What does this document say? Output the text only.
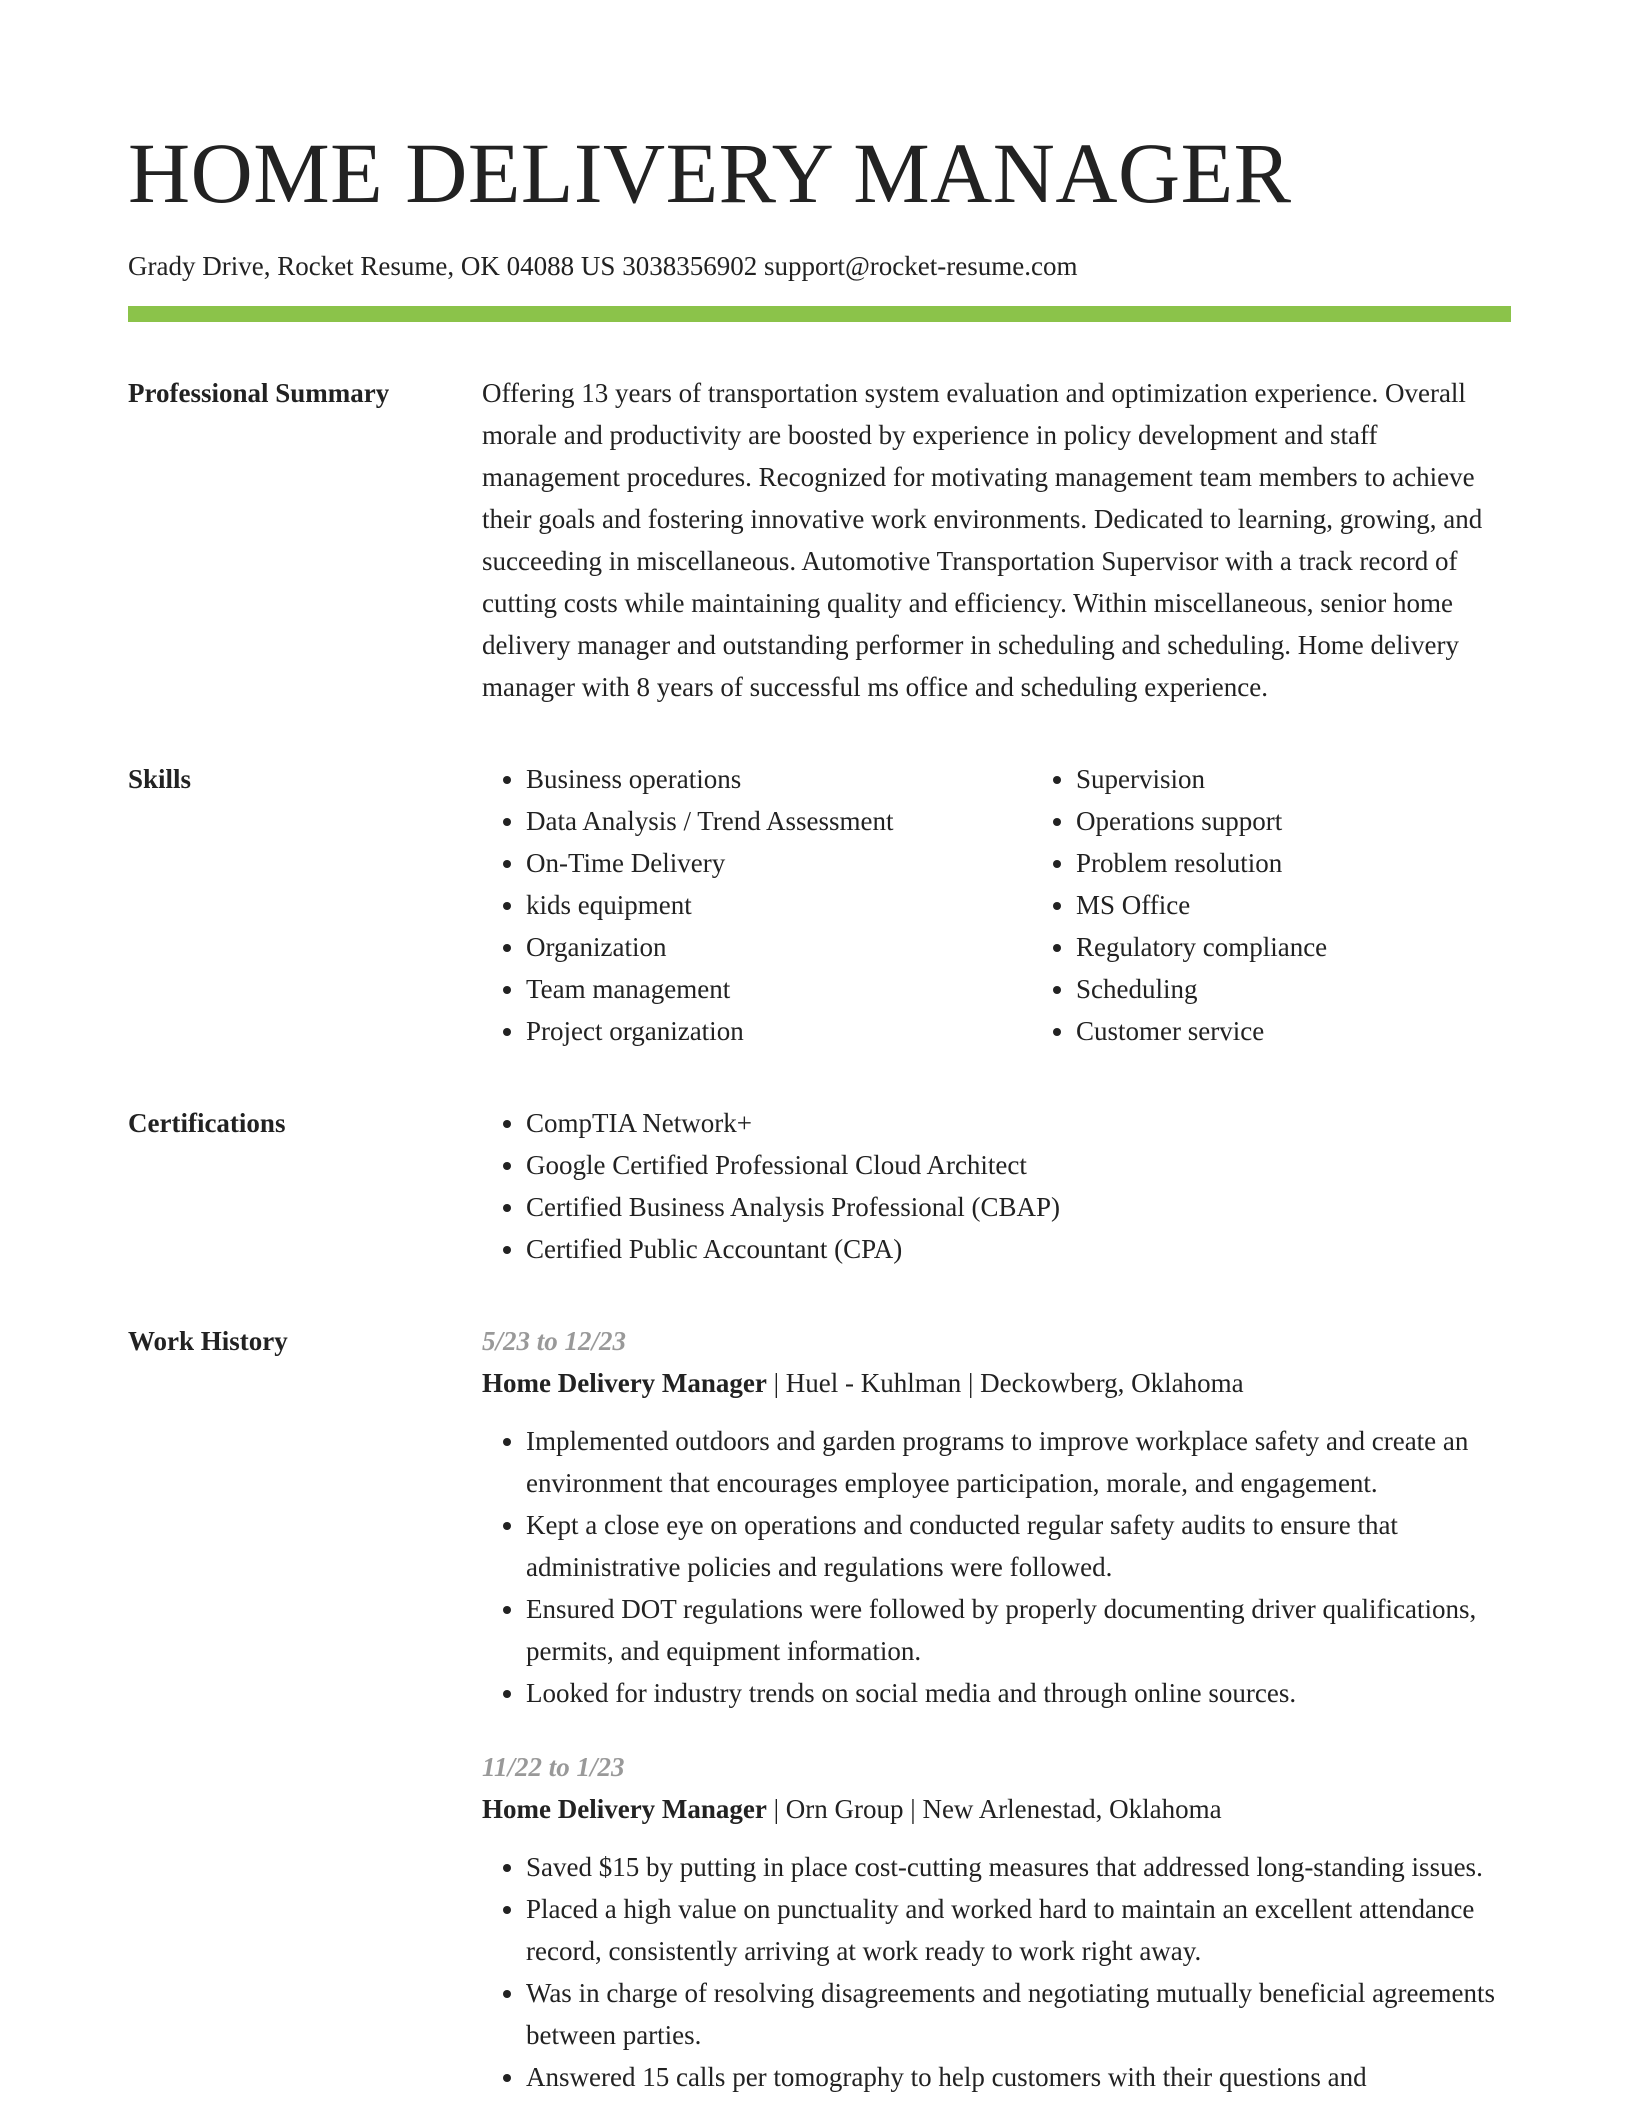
HOME DELIVERY MANAGER
Grady Drive, Rocket Resume, OK 04088 US 3038356902 support@rocket-resume.com
Professional Summary	Offering 13 years of transportation system evaluation and optimization experience. Overall morale and productivity are boosted by experience in policy development and staff management procedures. Recognized for motivating management team members to achieve their goals and fostering innovative work environments. Dedicated to learning, growing, and succeeding in miscellaneous. Automotive Transportation Supervisor with a track record of cutting costs while maintaining quality and efficiency. Within miscellaneous, senior home delivery manager and outstanding performer in scheduling and scheduling. Home delivery manager with 8 years of successful ms office and scheduling experience.

Skills	• Business operations
• Data Analysis / Trend Assessment
• On-Time Delivery
• kids equipment
• Organization
• Team management
• Project organization
• Supervision
• Operations support
• Problem resolution
• MS Office
• Regulatory compliance
• Scheduling
• Customer service
Certifications	• CompTIA Network+
• Google Certified Professional Cloud Architect
• Certified Business Analysis Professional (CBAP)
• Certified Public Accountant (CPA)
Work History	5/23 to 12/23
Home Delivery Manager | Huel - Kuhlman | Deckowberg, Oklahoma
• Implemented outdoors and garden programs to improve workplace safety and create an environment that encourages employee participation, morale, and engagement.
• Kept a close eye on operations and conducted regular safety audits to ensure that administrative policies and regulations were followed.
• Ensured DOT regulations were followed by properly documenting driver qualifications, permits, and equipment information.
• Looked for industry trends on social media and through online sources.
11/22 to 1/23
Home Delivery Manager | Orn Group | New Arlenestad, Oklahoma
• Saved $15 by putting in place cost-cutting measures that addressed long-standing issues.
• Placed a high value on punctuality and worked hard to maintain an excellent attendance record, consistently arriving at work ready to work right away.
• Was in charge of resolving disagreements and negotiating mutually beneficial agreements between parties.
• Answered 15 calls per tomography to help customers with their questions and
